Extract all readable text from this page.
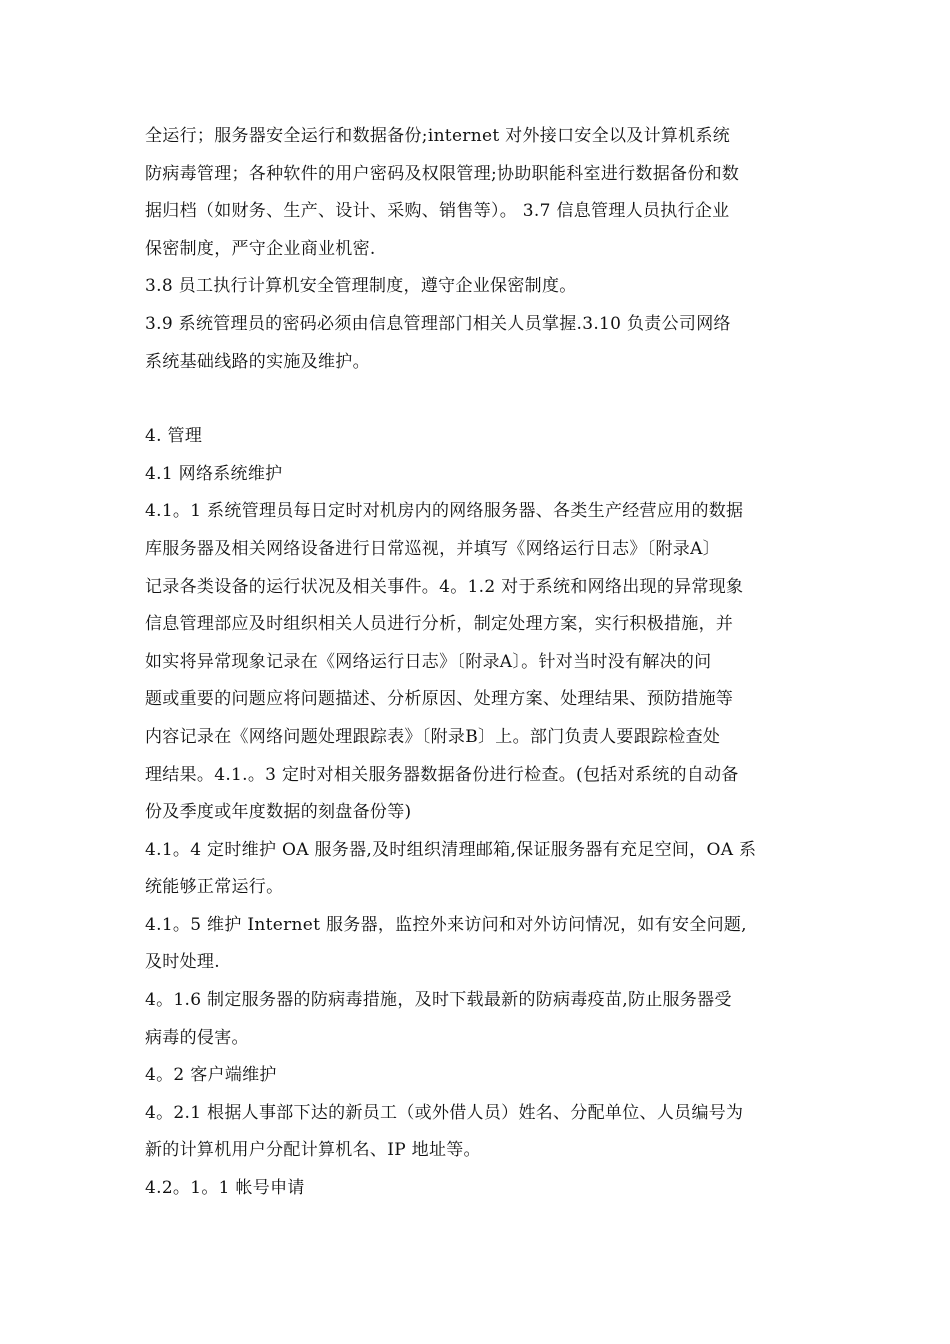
全运行；服务器安全运行和数据备份;internet 对外接口安全以及计算机系统

防病毒管理；各种软件的用户密码及权限管理;协助职能科室进行数据备份和数

据归档（如财务、生产、设计、采购、销售等）。 3.7 信息管理人员执行企业

保密制度，严守企业商业机密.

3.8 员工执行计算机安全管理制度，遵守企业保密制度。

3.9 系统管理员的密码必须由信息管理部门相关人员掌握.3.10 负责公司网络

系统基础线路的实施及维护。

4. 管理

4.1 网络系统维护

4.1。1 系统管理员每日定时对机房内的网络服务器、各类生产经营应用的数据

库服务器及相关网络设备进行日常巡视，并填写《网络运行日志》〔附录A〕

记录各类设备的运行状况及相关事件。4。1.2 对于系统和网络出现的异常现象

信息管理部应及时组织相关人员进行分析，制定处理方案，实行积极措施，并

如实将异常现象记录在《网络运行日志》〔附录A〕。针对当时没有解决的问

题或重要的问题应将问题描述、分析原因、处理方案、处理结果、预防措施等

内容记录在《网络问题处理跟踪表》〔附录B〕上。部门负责人要跟踪检查处

理结果。4.1.。3 定时对相关服务器数据备份进行检查。(包括对系统的自动备

份及季度或年度数据的刻盘备份等)

4.1。4 定时维护 OA 服务器,及时组织清理邮箱,保证服务器有充足空间，OA 系

统能够正常运行。

4.1。5 维护 Internet 服务器，监控外来访问和对外访问情况，如有安全问题,

及时处理.

4。1.6 制定服务器的防病毒措施，及时下载最新的防病毒疫苗,防止服务器受

病毒的侵害。

4。2 客户端维护

4。2.1 根据人事部下达的新员工（或外借人员）姓名、分配单位、人员编号为

新的计算机用户分配计算机名、IP 地址等。

4.2。1。1 帐号申请
